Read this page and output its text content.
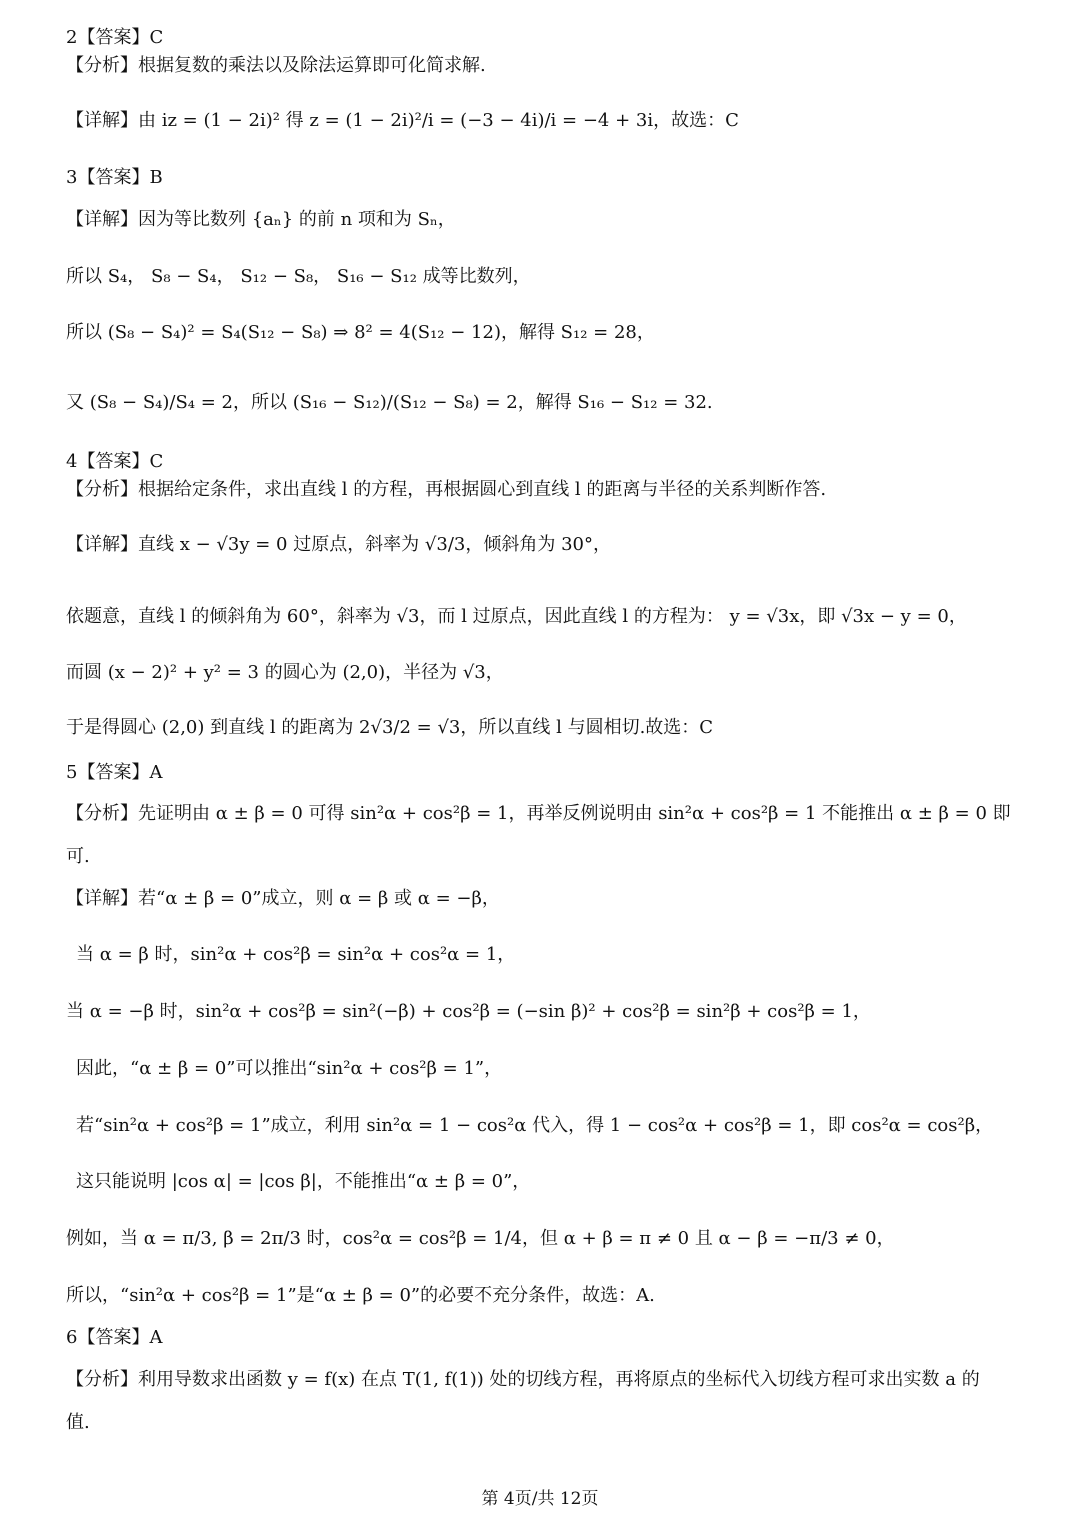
2【答案】C
【分析】根据复数的乘法以及除法运算即可化简求解.
【详解】由 iz = (1 − 2i)² 得 z = (1 − 2i)²/i = (−3 − 4i)/i = −4 + 3i，故选：C
3【答案】B
【详解】因为等比数列 {aₙ} 的前 n 项和为 Sₙ，
所以 S₄， S₈ − S₄， S₁₂ − S₈， S₁₆ − S₁₂ 成等比数列，
所以 (S₈ − S₄)² = S₄(S₁₂ − S₈) ⇒ 8² = 4(S₁₂ − 12)，解得 S₁₂ = 28，
又 (S₈ − S₄)/S₄ = 2，所以 (S₁₆ − S₁₂)/(S₁₂ − S₈) = 2，解得 S₁₆ − S₁₂ = 32.
4【答案】C
【分析】根据给定条件，求出直线 l 的方程，再根据圆心到直线 l 的距离与半径的关系判断作答.
【详解】直线 x − √3y = 0 过原点，斜率为 √3/3，倾斜角为 30°，
依题意，直线 l 的倾斜角为 60°，斜率为 √3，而 l 过原点，因此直线 l 的方程为： y = √3x，即 √3x − y = 0，
而圆 (x − 2)² + y² = 3 的圆心为 (2,0)，半径为 √3，
于是得圆心 (2,0) 到直线 l 的距离为 2√3/2 = √3，所以直线 l 与圆相切.故选：C
5【答案】A
【分析】先证明由 α ± β = 0 可得 sin²α + cos²β = 1，再举反例说明由 sin²α + cos²β = 1 不能推出 α ± β = 0 即
可.
【详解】若“α ± β = 0”成立，则 α = β 或 α = −β，
当 α = β 时，sin²α + cos²β = sin²α + cos²α = 1，
当 α = −β 时，sin²α + cos²β = sin²(−β) + cos²β = (−sin β)² + cos²β = sin²β + cos²β = 1，
因此，“α ± β = 0”可以推出“sin²α + cos²β = 1”，
若“sin²α + cos²β = 1”成立，利用 sin²α = 1 − cos²α 代入，得 1 − cos²α + cos²β = 1，即 cos²α = cos²β，
这只能说明 |cos α| = |cos β|，不能推出“α ± β = 0”，
例如，当 α = π/3, β = 2π/3 时，cos²α = cos²β = 1/4，但 α + β = π ≠ 0 且 α − β = −π/3 ≠ 0，
所以，“sin²α + cos²β = 1”是“α ± β = 0”的必要不充分条件，故选：A.
6【答案】A
【分析】利用导数求出函数 y = f(x) 在点 T(1, f(1)) 处的切线方程，再将原点的坐标代入切线方程可求出实数 a 的
值.
第 4页/共 12页
